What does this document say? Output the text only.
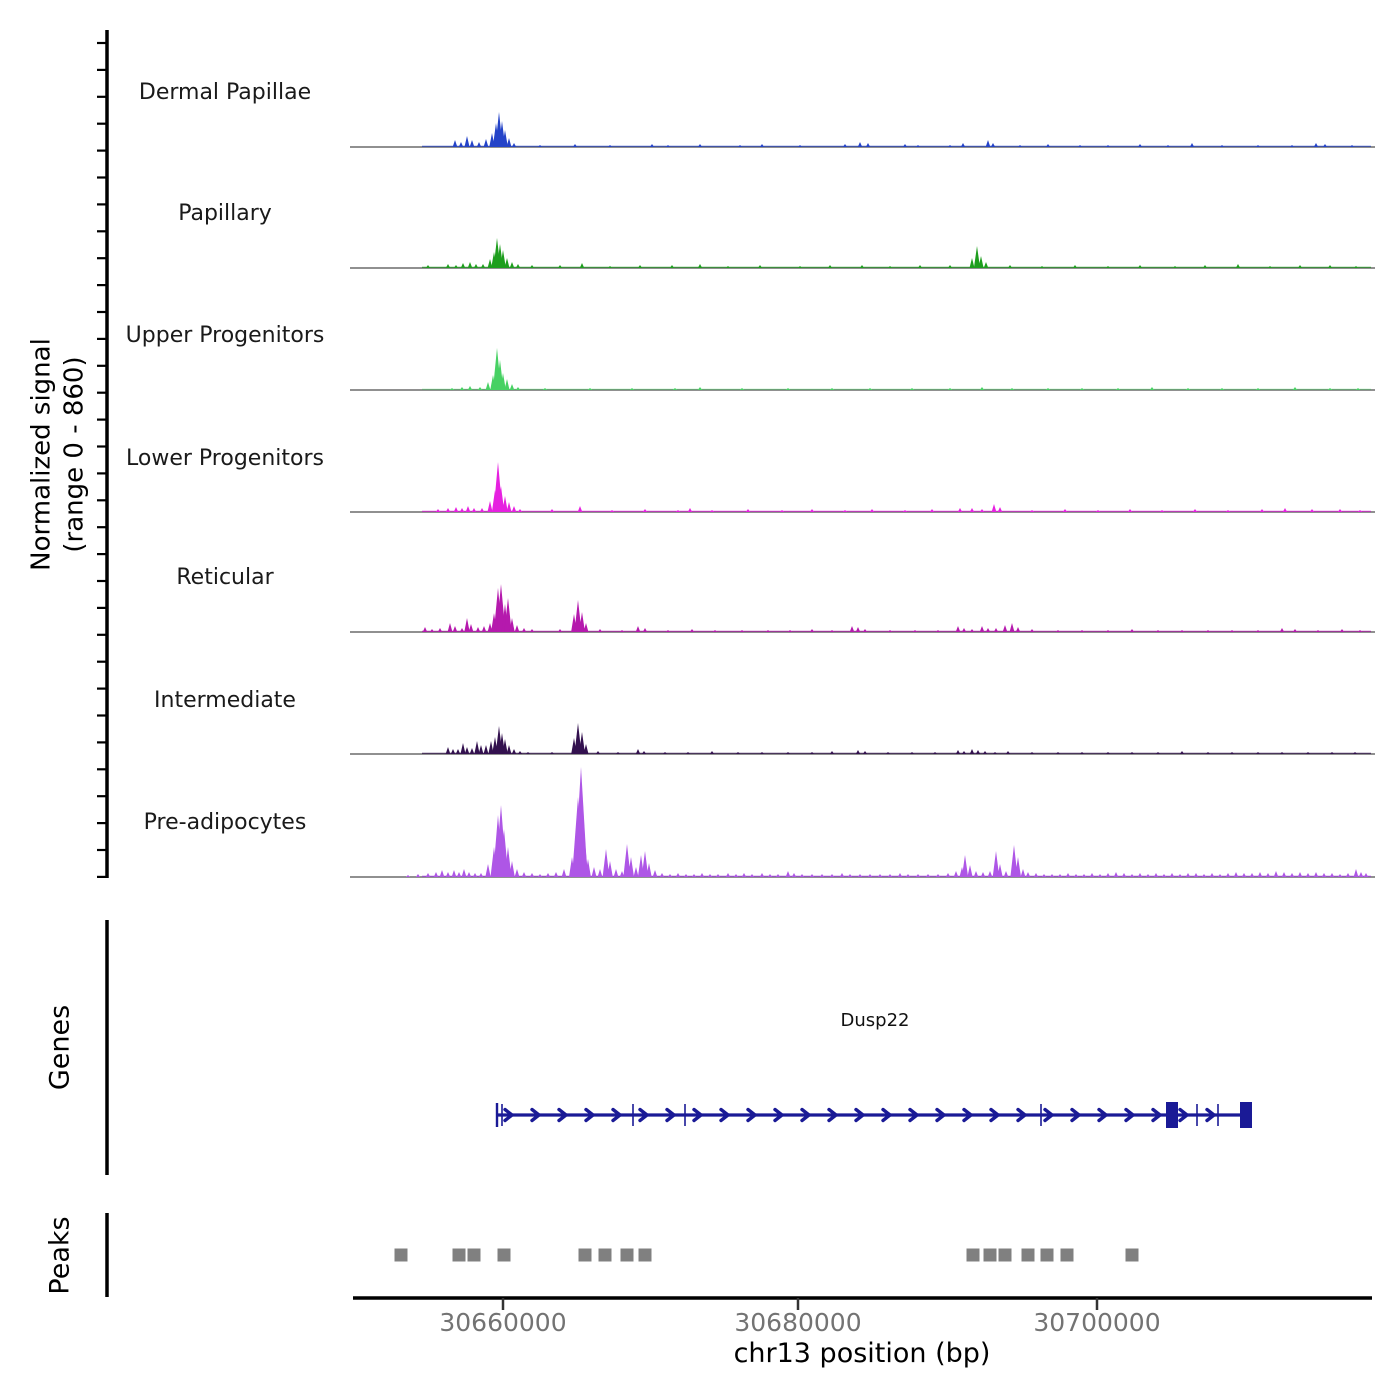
Normalized signal (range 0 - 860)
Dermal Papillae
Papillary
Upper Progenitors
Lower Progenitors
Reticular
Intermediate
Pre-adipocytes
Genes
Peaks
Dusp22
30660000	30680000	30700000
chr13 position (bp)
